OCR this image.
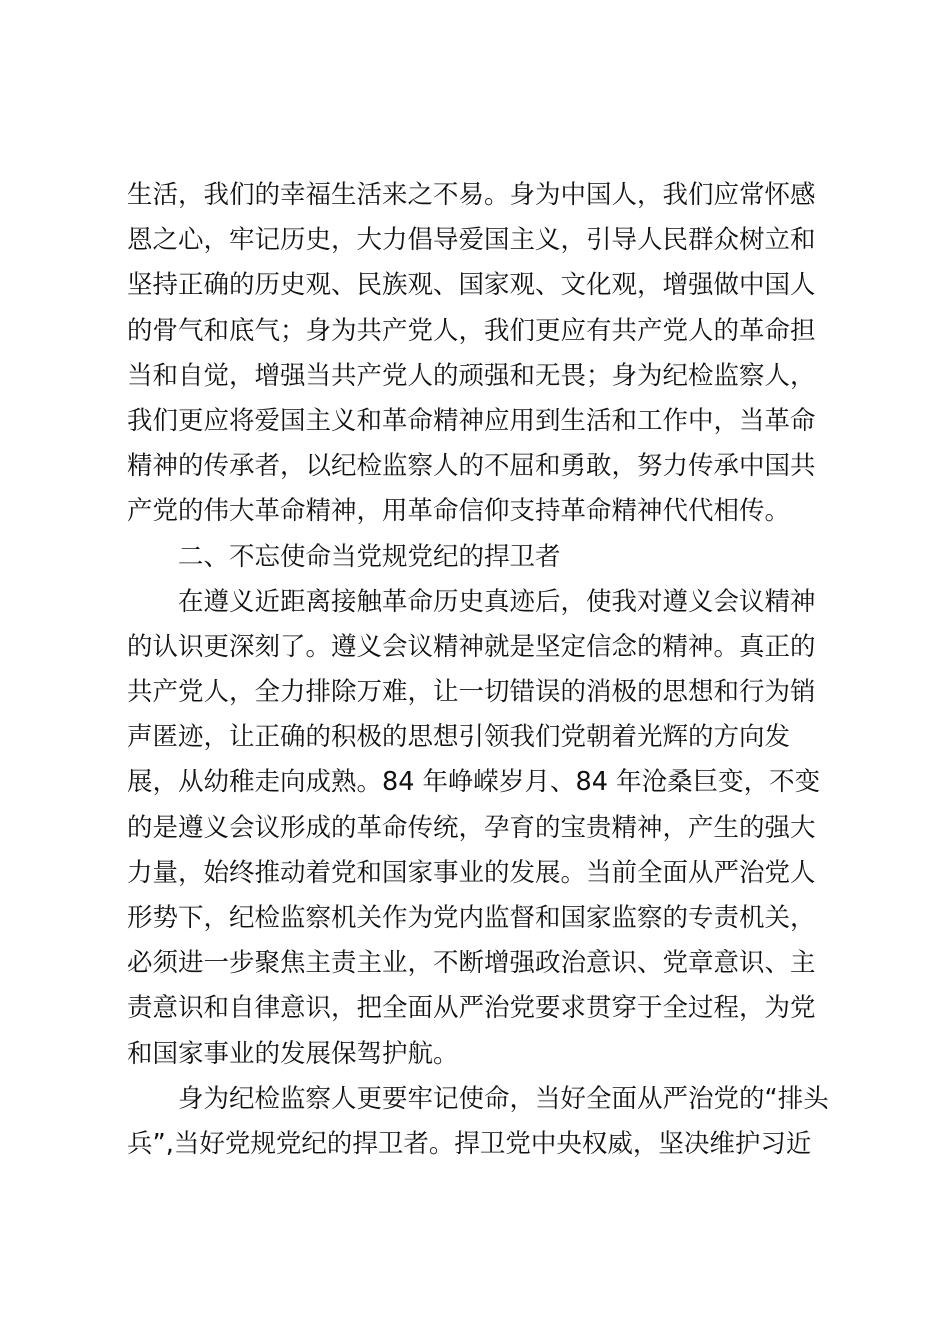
生活，我们的幸福生活来之不易。身为中国人，我们应常怀感
恩之心，牢记历史，大力倡导爱国主义，引导人民群众树立和
坚持正确的历史观、民族观、国家观、文化观，增强做中国人
的骨气和底气；身为共产党人，我们更应有共产党人的革命担
当和自觉，增强当共产党人的顽强和无畏；身为纪检监察人，
我们更应将爱国主义和革命精神应用到生活和工作中，当革命
精神的传承者，以纪检监察人的不屈和勇敢，努力传承中国共
产党的伟大革命精神，用革命信仰支持革命精神代代相传。
二、不忘使命当党规党纪的捍卫者
在遵义近距离接触革命历史真迹后，使我对遵义会议精神
的认识更深刻了。遵义会议精神就是坚定信念的精神。真正的
共产党人，全力排除万难，让一切错误的消极的思想和行为销
声匿迹，让正确的积极的思想引领我们党朝着光辉的方向发
展，从幼稚走向成熟。84 年峥嵘岁月、84 年沧桑巨变，不变
的是遵义会议形成的革命传统，孕育的宝贵精神，产生的强大
力量，始终推动着党和国家事业的发展。当前全面从严治党人
形势下，纪检监察机关作为党内监督和国家监察的专责机关，
必须进一步聚焦主责主业，不断增强政治意识、党章意识、主
责意识和自律意识，把全面从严治党要求贯穿于全过程，为党
和国家事业的发展保驾护航。
身为纪检监察人更要牢记使命，当好全面从严治党的“排头
兵”,当好党规党纪的捍卫者。捍卫党中央权威，坚决维护习近
